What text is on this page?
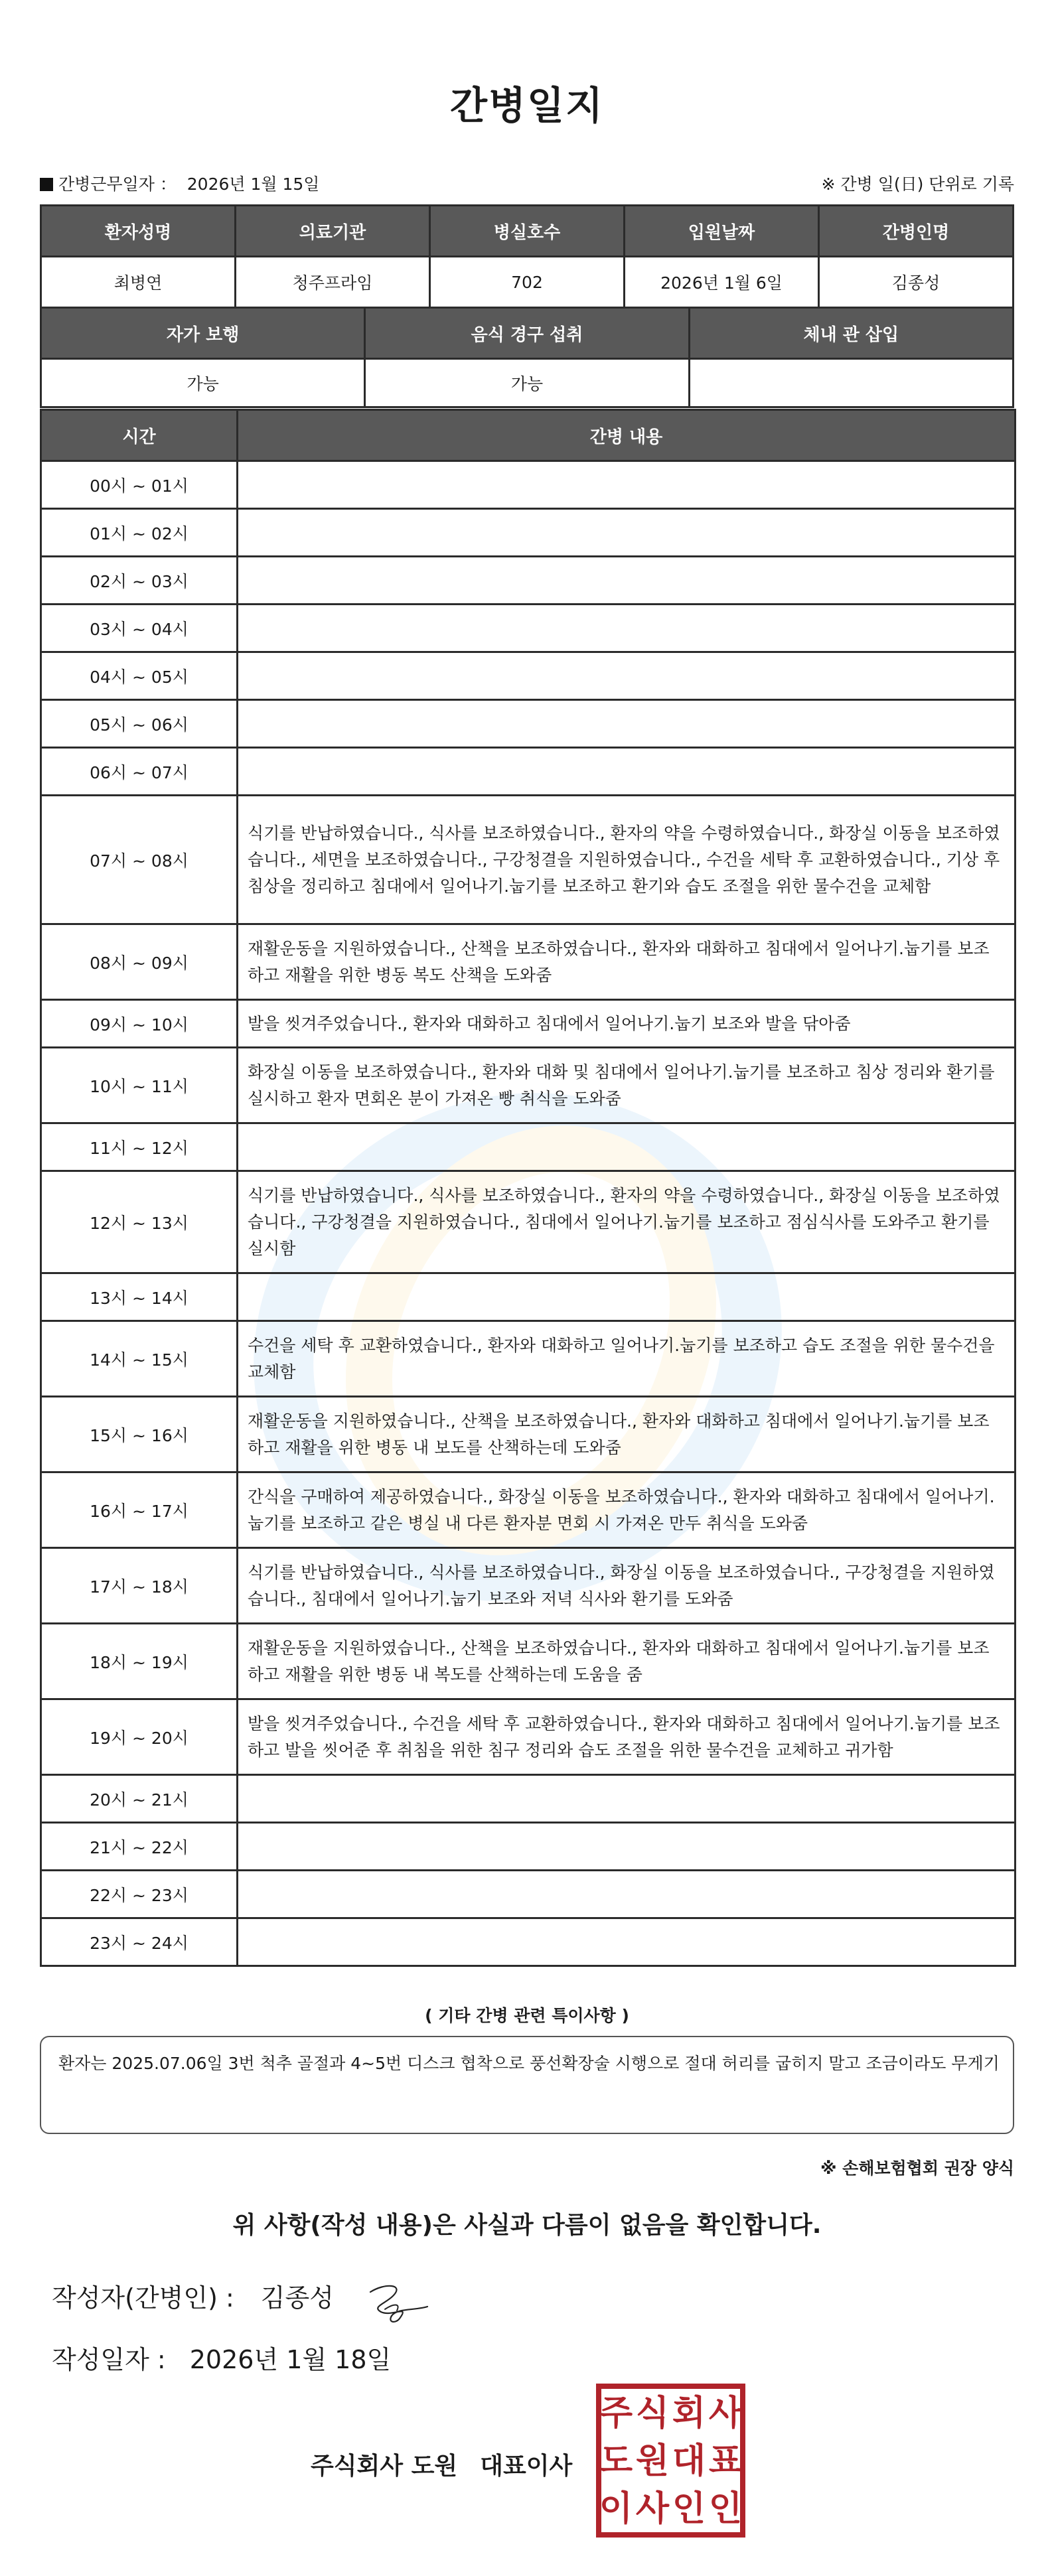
간병일지
간병근무일자 ： 2026년 1월 15일	※ 간병 일(日) 단위로 기록
환자성명	의료기관	병실호수	입원날짜	간병인명
최병연	청주프라임	702	2026년 1월 6일	김종성
자가 보행	음식 경구 섭취	체내 관 삽입
가능	가능	
시간	간병 내용
00시 ~ 01시	
01시 ~ 02시	
02시 ~ 03시	
03시 ~ 04시	
04시 ~ 05시	
05시 ~ 06시	
06시 ~ 07시	
07시 ~ 08시	식기를 반납하였습니다., 식사를 보조하였습니다., 환자의 약을 수령하였습니다., 화장실 이동을 보조하였습니다., 세면을 보조하였습니다., 구강청결을 지원하였습니다., 수건을 세탁 후 교환하였습니다., 기상 후 침상을 정리하고 침대에서 일어나기.눕기를 보조하고 환기와 습도 조절을 위한 물수건을 교체함
08시 ~ 09시	재활운동을 지원하였습니다., 산책을 보조하였습니다., 환자와 대화하고 침대에서 일어나기.눕기를 보조하고 재활을 위한 병동 복도 산책을 도와줌
09시 ~ 10시	발을 씻겨주었습니다., 환자와 대화하고 침대에서 일어나기.눕기 보조와 발을 닦아줌
10시 ~ 11시	화장실 이동을 보조하였습니다., 환자와 대화 및 침대에서 일어나기.눕기를 보조하고 침상 정리와 환기를 실시하고 환자 면회온 분이 가져온 빵 취식을 도와줌
11시 ~ 12시	
12시 ~ 13시	식기를 반납하였습니다., 식사를 보조하였습니다., 환자의 약을 수령하였습니다., 화장실 이동을 보조하였습니다., 구강청결을 지원하였습니다., 침대에서 일어나기.눕기를 보조하고 점심식사를 도와주고 환기를 실시함
13시 ~ 14시	
14시 ~ 15시	수건을 세탁 후 교환하였습니다., 환자와 대화하고 일어나기.눕기를 보조하고 습도 조절을 위한 물수건을 교체함
15시 ~ 16시	재활운동을 지원하였습니다., 산책을 보조하였습니다., 환자와 대화하고 침대에서 일어나기.눕기를 보조하고 재활을 위한 병동 내 보도를 산책하는데 도와줌
16시 ~ 17시	간식을 구매하여 제공하였습니다., 화장실 이동을 보조하였습니다., 환자와 대화하고 침대에서 일어나기.눕기를 보조하고 같은 병실 내 다른 환자분 면회 시 가져온 만두 취식을 도와줌
17시 ~ 18시	식기를 반납하였습니다., 식사를 보조하였습니다., 화장실 이동을 보조하였습니다., 구강청결을 지원하였습니다., 침대에서 일어나기.눕기 보조와 저녁 식사와 환기를 도와줌
18시 ~ 19시	재활운동을 지원하였습니다., 산책을 보조하였습니다., 환자와 대화하고 침대에서 일어나기.눕기를 보조하고 재활을 위한 병동 내 복도를 산책하는데 도움을 줌
19시 ~ 20시	발을 씻겨주었습니다., 수건을 세탁 후 교환하였습니다., 환자와 대화하고 침대에서 일어나기.눕기를 보조하고 발을 씻어준 후 취침을 위한 침구 정리와 습도 조절을 위한 물수건을 교체하고 귀가함
20시 ~ 21시	
21시 ~ 22시	
22시 ~ 23시	
23시 ~ 24시	
( 기타 간병 관련 특이사항 )
환자는 2025.07.06일 3번 척추 골절과 4~5번 디스크 협착으로 풍선확장술 시행으로 절대 허리를 굽히지 말고 조금이라도 무게기
※ 손해보험협회 권장 양식
위 사항(작성 내용)은 사실과 다름이 없음을 확인합니다.
작성자(간병인) : 김종성
작성일자 : 2026년 1월 18일
주식회사 도원 대표이사
주 식 회 사
도 원 대 표
이 사 인 인
